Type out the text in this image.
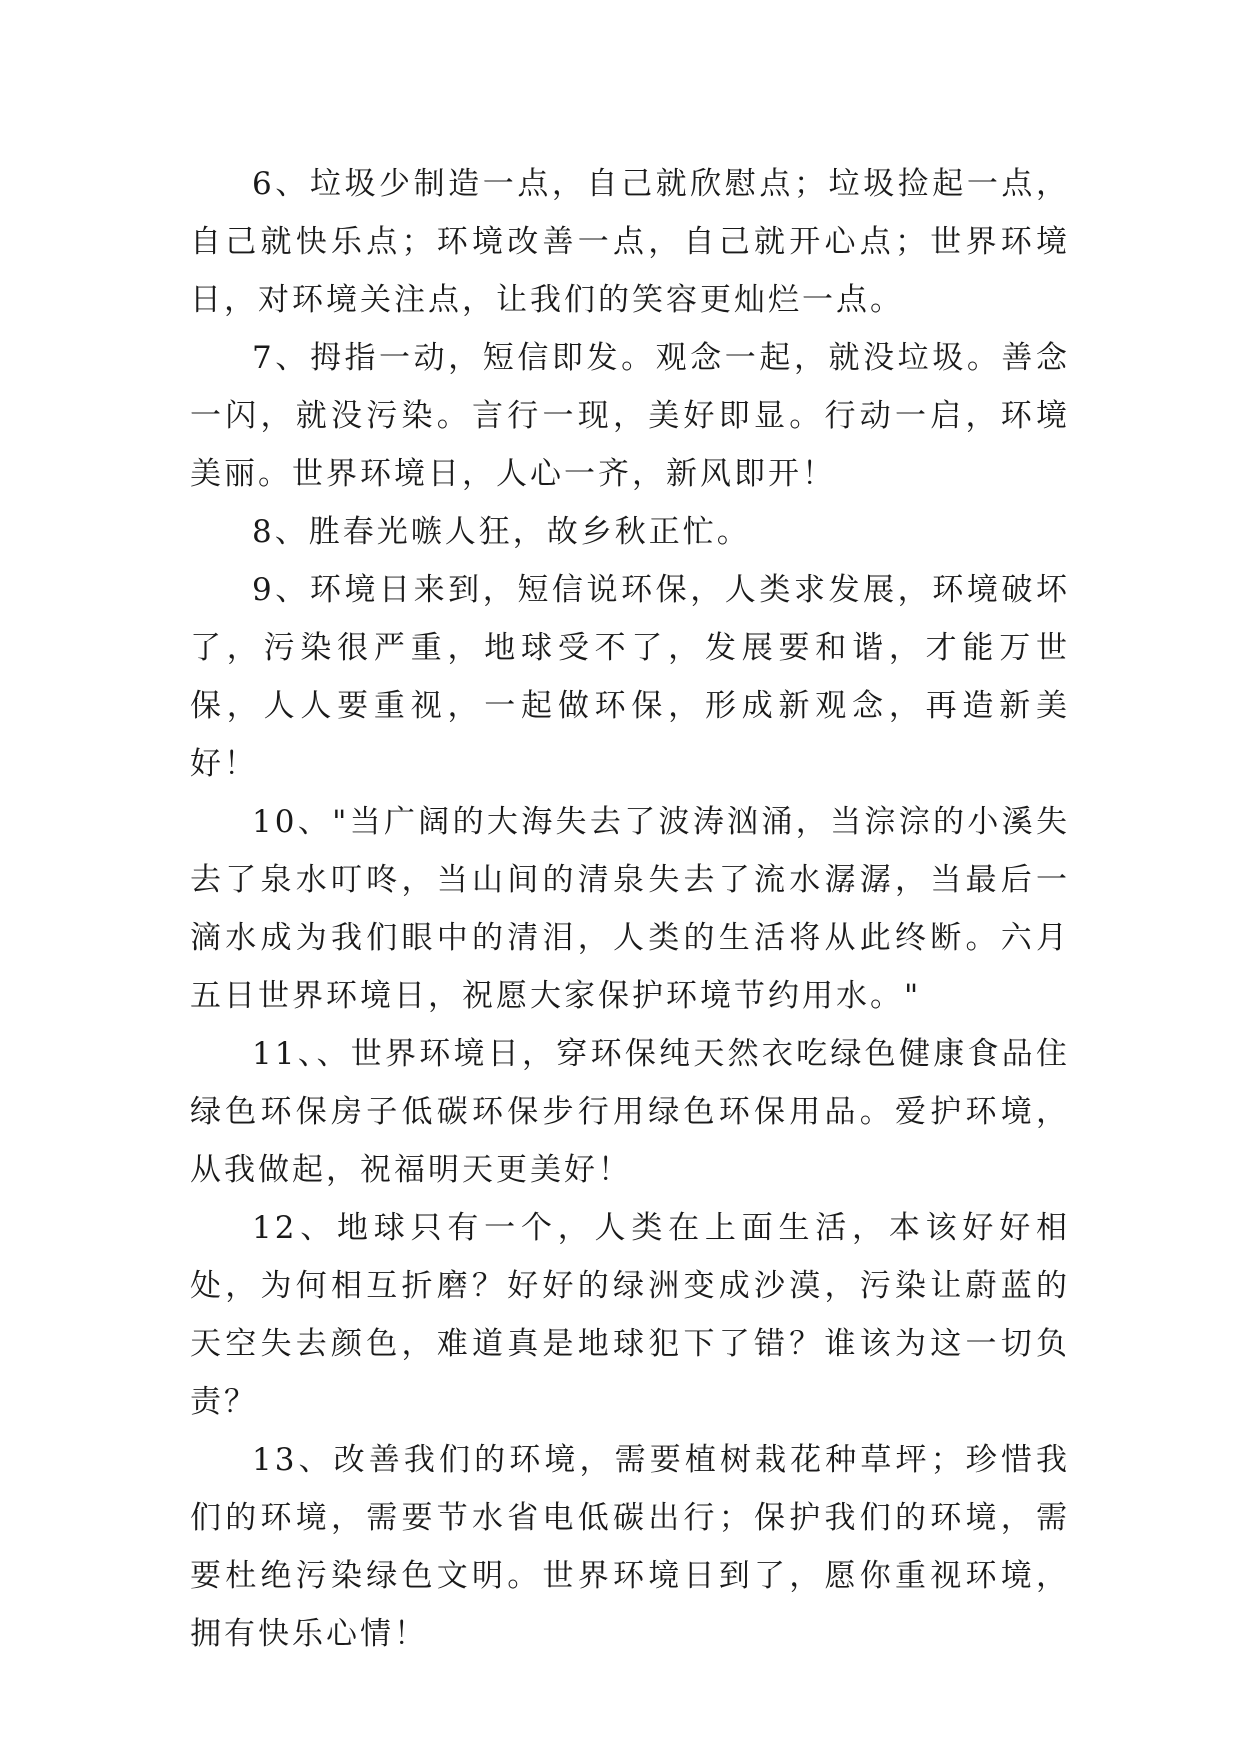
6、垃圾少制造一点，自己就欣慰点；垃圾捡起一点，自己就快乐点；环境改善一点，自己就开心点；世界环境日，对环境关注点，让我们的笑容更灿烂一点。

7、拇指一动，短信即发。观念一起，就没垃圾。善念一闪，就没污染。言行一现，美好即显。行动一启，环境美丽。世界环境日，人心一齐，新风即开！

8、胜春光嗾人狂，故乡秋正忙。

9、环境日来到，短信说环保，人类求发展，环境破坏了，污染很严重，地球受不了，发展要和谐，才能万世保，人人要重视，一起做环保，形成新观念，再造新美好！

10、"当广阔的大海失去了波涛汹涌，当淙淙的小溪失去了泉水叮咚，当山间的清泉失去了流水潺潺，当最后一滴水成为我们眼中的清泪，人类的生活将从此终断。六月五日世界环境日，祝愿大家保护环境节约用水。"

11、、世界环境日，穿环保纯天然衣吃绿色健康食品住绿色环保房子低碳环保步行用绿色环保用品。爱护环境，从我做起，祝福明天更美好！

12、地球只有一个，人类在上面生活，本该好好相处，为何相互折磨？好好的绿洲变成沙漠，污染让蔚蓝的天空失去颜色，难道真是地球犯下了错？谁该为这一切负责？

13、改善我们的环境，需要植树栽花种草坪；珍惜我们的环境，需要节水省电低碳出行；保护我们的环境，需要杜绝污染绿色文明。世界环境日到了，愿你重视环境，拥有快乐心情！
